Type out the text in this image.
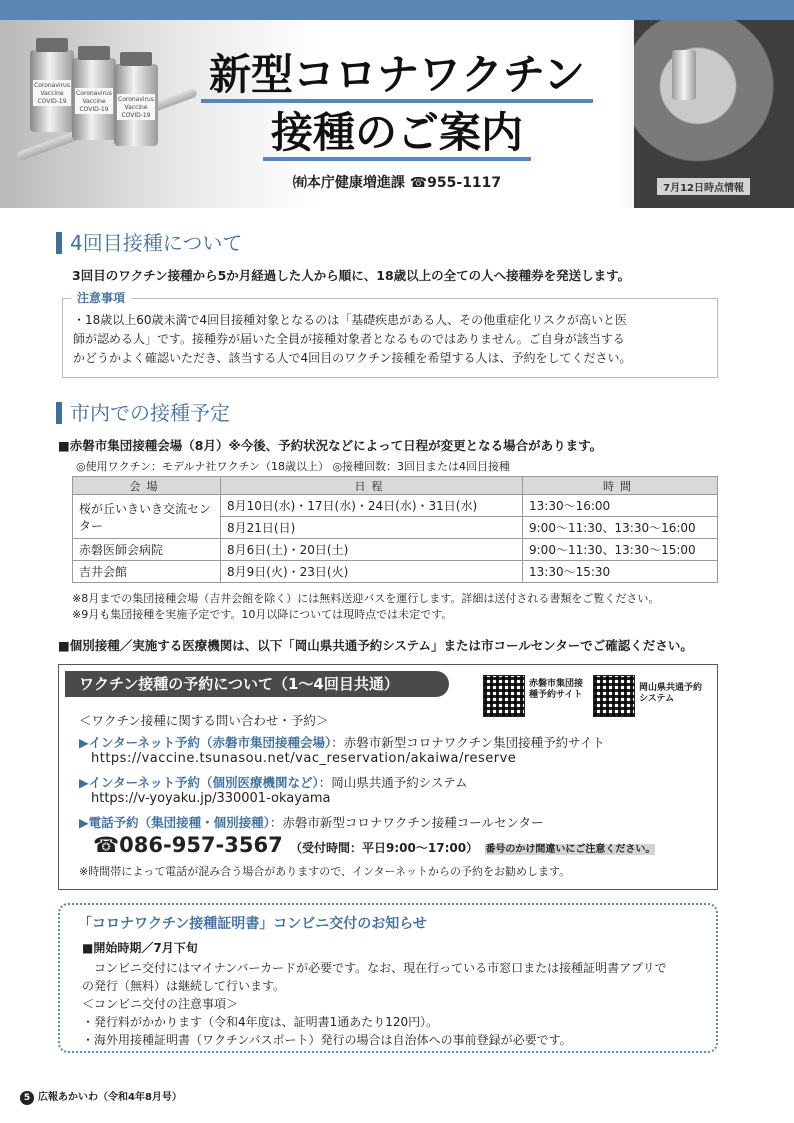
Coronavirus Vaccine COVID-19
Coronavirus Vaccine COVID-19
Coronavirus Vaccine COVID-19
新型コロナワクチン
接種のご案内
㈲本庁健康増進課 ☎955-1117	7月12日時点情報
4回目接種について
3回目のワクチン接種から5か月経過した人から順に、18歳以上の全ての人へ接種券を発送します。
注意事項
・18歳以上60歳未満で4回目接種対象となるのは「基礎疾患がある人、その他重症化リスクが高いと医
師が認める人」です。接種券が届いた全員が接種対象者となるものではありません。ご自身が該当する
かどうかよく確認いただき、該当する人で4回目のワクチン接種を希望する人は、予約をしてください。
市内での接種予定
■赤磐市集団接種会場（8月）※今後、予約状況などによって日程が変更となる場合があります。
◎使用ワクチン：モデルナ社ワクチン（18歳以上） ◎接種回数：3回目または4回目接種
会場	日程	時間
桜が丘いきいき交流センター	8月10日(水)・17日(水)・24日(水)・31日(水)	13:30〜16:00
	8月21日(日)	9:00〜11:30、13:30〜16:00
赤磐医師会病院	8月6日(土)・20日(土)	9:00〜11:30、13:30〜15:00
吉井会館	8月9日(火)・23日(火)	13:30〜15:30
※8月までの集団接種会場（吉井会館を除く）には無料送迎バスを運行します。詳細は送付される書類をご覧ください。
※9月も集団接種を実施予定です。10月以降については現時点では未定です。
■個別接種／実施する医療機関は、以下「岡山県共通予約システム」または市コールセンターでご確認ください。
ワクチン接種の予約について（1〜4回目共通）	赤磐市集団接種予約サイト
岡山県共通予約システム
＜ワクチン接種に関する問い合わせ・予約＞
▶インターネット予約（赤磐市集団接種会場）：赤磐市新型コロナワクチン集団接種予約サイト
https://vaccine.tsunasou.net/vac_reservation/akaiwa/reserve
▶インターネット予約（個別医療機関など）：岡山県共通予約システム
https://v-yoyaku.jp/330001-okayama
▶電話予約（集団接種・個別接種）：赤磐市新型コロナワクチン接種コールセンター
☎086-957-3567 （受付時間：平日9:00〜17:00） 番号のかけ間違いにご注意ください。
※時間帯によって電話が混み合う場合がありますので、インターネットからの予約をお勧めします。
「コロナワクチン接種証明書」コンビニ交付のお知らせ
■開始時期／7月下旬
　コンビニ交付にはマイナンバーカードが必要です。なお、現在行っている市窓口または接種証明書アプリで
の発行（無料）は継続して行います。
＜コンビニ交付の注意事項＞
・発行料がかかります（令和4年度は、証明書1通あたり120円）。
・海外用接種証明書（ワクチンパスポート）発行の場合は自治体への事前登録が必要です。
5 広報あかいわ（令和4年8月号）
